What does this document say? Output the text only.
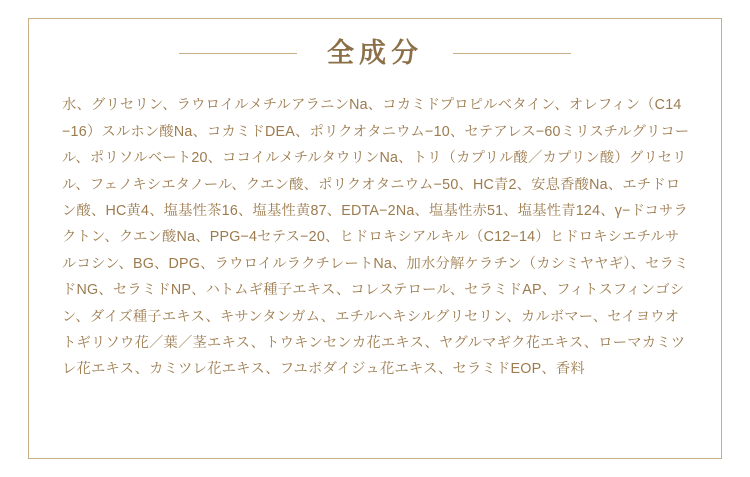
全成分

水、グリセリン、ラウロイルメチルアラニンNa、コカミドプロピルベタイン、オレフィン（C14−16）スルホン酸Na、コカミドDEA、ポリクオタニウム−10、セテアレス−60ミリスチルグリコール、ポリソルベート20、ココイルメチルタウリンNa、トリ（カプリル酸／カプリン酸）グリセリル、フェノキシエタノール、クエン酸、ポリクオタニウム−50、HC青2、安息香酸Na、エチドロン酸、HC黄4、塩基性茶16、塩基性黄87、EDTA−2Na、塩基性赤51、塩基性青124、γ−ドコサラクトン、クエン酸Na、PPG−4セテス−20、ヒドロキシアルキル（C12−14）ヒドロキシエチルサルコシン、BG、DPG、ラウロイルラクチレートNa、加水分解ケラチン（カシミヤヤギ）、セラミドNG、セラミドNP、ハトムギ種子エキス、コレステロール、セラミドAP、フィトスフィンゴシン、ダイズ種子エキス、キサンタンガム、エチルヘキシルグリセリン、カルボマー、セイヨウオトギリソウ花／葉／茎エキス、トウキンセンカ花エキス、ヤグルマギク花エキス、ローマカミツレ花エキス、カミツレ花エキス、フユボダイジュ花エキス、セラミドEOP、香料
